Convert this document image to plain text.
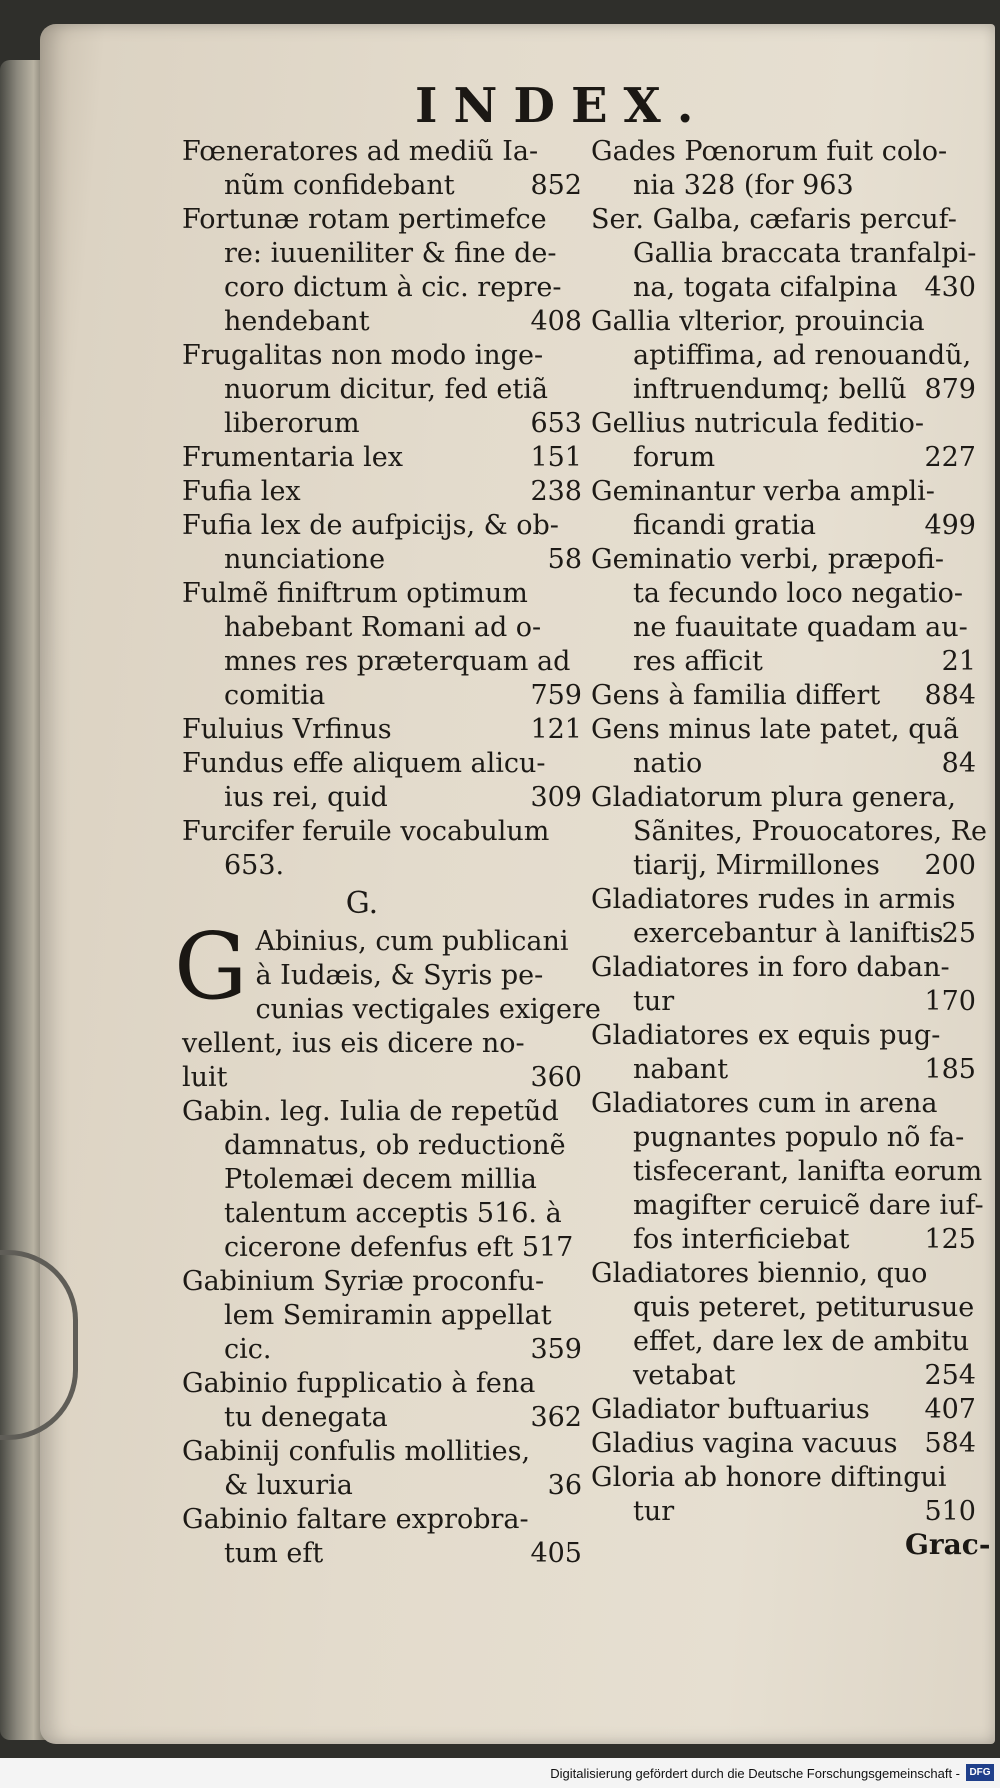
INDEX.
Fœneratores ad mediũ Ia-
nũm confidebant	852
Fortunæ rotam pertimefce
re: iuueniliter & fine de-
coro dictum à cic. repre-
hendebant	408
Frugalitas non modo inge-
nuorum dicitur, fed etiã
liberorum	653
Frumentaria lex	151
Fufia lex	238
Fufia lex de aufpicijs, & ob-
nunciatione	58
Fulmẽ finiftrum optimum
habebant Romani ad o-
mnes res præterquam ad
comitia	759
Fuluius Vrfinus	121
Fundus effe aliquem alicu-
ius rei, quid	309
Furcifer feruile vocabulum
653.
G.
G Abinius, cum publicani
à Iudæis, & Syris pe-
cunias vectigales exigere
vellent, ius eis dicere no-
luit	360
Gabin. leg. Iulia de repetũd
damnatus, ob reductionẽ
Ptolemæi decem millia
talentum acceptis 516. à
cicerone defenfus eft 517
Gabinium Syriæ proconfu-
lem Semiramin appellat
cic.	359
Gabinio fupplicatio à fena
tu denegata	362
Gabinij confulis mollities,
& luxuria	36
Gabinio faltare exprobra-
tum eft	405
Gades Pœnorum fuit colo-
nia 328 (for 963
Ser. Galba, cæfaris percuf-
Gallia braccata tranfalpi-
na, togata cifalpina 430
Gallia vlterior, prouincia
aptiffima, ad renouandũ,
inftruendumq; bellũ 879
Gellius nutricula feditio-
forum	227
Geminantur verba ampli-
ficandi gratia	499
Geminatio verbi, præpofi-
ta fecundo loco negatio-
ne fuauitate quadam au-
res afficit	21
Gens à familia differt 884
Gens minus late patet, quã
natio	84
Gladiatorum plura genera,
Sãnites, Prouocatores, Re
tiarij, Mirmillones 200
Gladiatores rudes in armis
exercebantur à laniftis
25
Gladiatores in foro daban-
tur	170
Gladiatores ex equis pug-
nabant	185
Gladiatores cum in arena
pugnantes populo nõ fa-
tisfecerant, lanifta eorum
magifter ceruicẽ dare iuf-
fos interficiebat	125
Gladiatores biennio, quo
quis peteret, petiturusue
effet, dare lex de ambitu
vetabat	254
Gladiator buftuarius 407
Gladius vagina vacuus 584
Gloria ab honore diftingui
tur	510
Grac-
Digitalisierung gefördert durch die Deutsche Forschungsgemeinschaft - DFG
